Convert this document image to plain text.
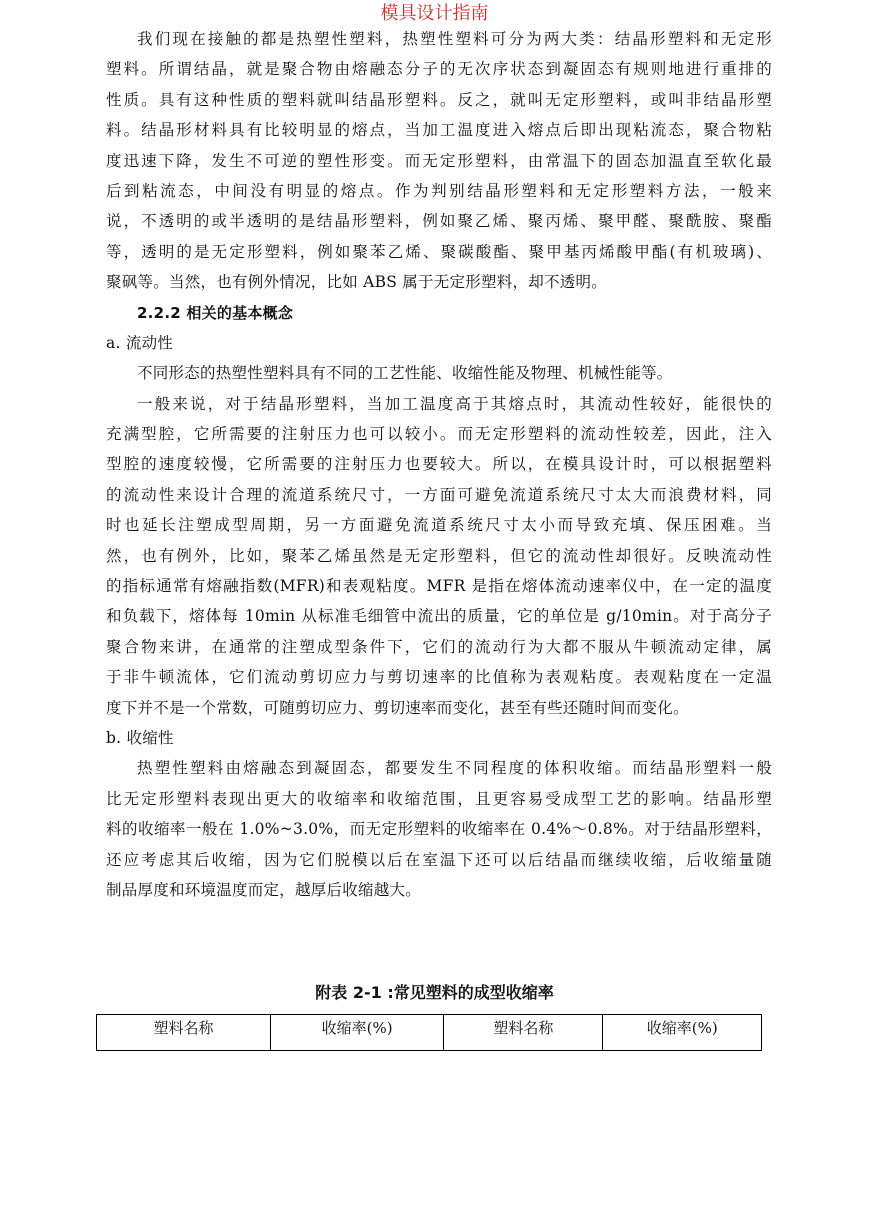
模具设计指南
我们现在接触的都是热塑性塑料，热塑性塑料可分为两大类：结晶形塑料和无定形
塑料。所谓结晶，就是聚合物由熔融态分子的无次序状态到凝固态有规则地进行重排的
性质。具有这种性质的塑料就叫结晶形塑料。反之，就叫无定形塑料，或叫非结晶形塑
料。结晶形材料具有比较明显的熔点，当加工温度进入熔点后即出现粘流态，聚合物粘
度迅速下降，发生不可逆的塑性形变。而无定形塑料，由常温下的固态加温直至软化最
后到粘流态，中间没有明显的熔点。作为判别结晶形塑料和无定形塑料方法，一般来
说，不透明的或半透明的是结晶形塑料，例如聚乙烯、聚丙烯、聚甲醛、聚酰胺、聚酯
等，透明的是无定形塑料，例如聚苯乙烯、聚碳酸酯、聚甲基丙烯酸甲酯(有机玻璃)、
聚砜等。当然，也有例外情况，比如 ABS 属于无定形塑料，却不透明。
2.2.2 相关的基本概念
a. 流动性
不同形态的热塑性塑料具有不同的工艺性能、收缩性能及物理、机械性能等。
一般来说，对于结晶形塑料，当加工温度高于其熔点时，其流动性较好，能很快的
充满型腔，它所需要的注射压力也可以较小。而无定形塑料的流动性较差，因此，注入
型腔的速度较慢，它所需要的注射压力也要较大。所以，在模具设计时，可以根据塑料
的流动性来设计合理的流道系统尺寸，一方面可避免流道系统尺寸太大而浪费材料，同
时也延长注塑成型周期，另一方面避免流道系统尺寸太小而导致充填、保压困难。当
然，也有例外，比如，聚苯乙烯虽然是无定形塑料，但它的流动性却很好。反映流动性
的指标通常有熔融指数(MFR)和表观粘度。MFR 是指在熔体流动速率仪中，在一定的温度
和负载下，熔体每 10min 从标准毛细管中流出的质量，它的单位是 g/10min。对于高分子
聚合物来讲，在通常的注塑成型条件下，它们的流动行为大都不服从牛顿流动定律，属
于非牛顿流体，它们流动剪切应力与剪切速率的比值称为表观粘度。表观粘度在一定温
度下并不是一个常数，可随剪切应力、剪切速率而变化，甚至有些还随时间而变化。
b. 收缩性
热塑性塑料由熔融态到凝固态，都要发生不同程度的体积收缩。而结晶形塑料一般
比无定形塑料表现出更大的收缩率和收缩范围，且更容易受成型工艺的影响。结晶形塑
料的收缩率一般在 1.0%~3.0%，而无定形塑料的收缩率在 0.4%～0.8%。对于结晶形塑料，
还应考虑其后收缩，因为它们脱模以后在室温下还可以后结晶而继续收缩，后收缩量随
制品厚度和环境温度而定，越厚后收缩越大。
附表 2-1 :常见塑料的成型收缩率
塑料名称	收缩率(%)	塑料名称	收缩率(%)
